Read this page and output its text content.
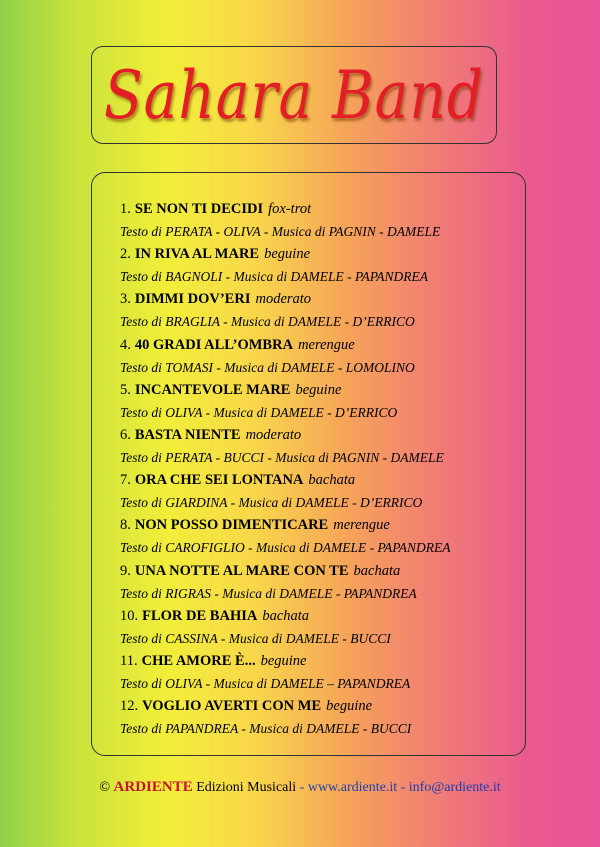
Sahara Band
1. SE NON TI DECIDI fox-trot
Testo di PERATA - OLIVA - Musica di PAGNIN - DAMELE
2. IN RIVA AL MARE beguine
Testo di BAGNOLI - Musica di DAMELE - PAPANDREA
3. DIMMI DOV’ERI moderato
Testo di BRAGLIA - Musica di DAMELE - D’ERRICO
4. 40 GRADI ALL’OMBRA merengue
Testo di TOMASI - Musica di DAMELE - LOMOLINO
5. INCANTEVOLE MARE beguine
Testo di OLIVA - Musica di DAMELE - D’ERRICO
6. BASTA NIENTE moderato
Testo di PERATA - BUCCI - Musica di PAGNIN - DAMELE
7. ORA CHE SEI LONTANA bachata
Testo di GIARDINA - Musica di DAMELE - D’ERRICO
8. NON POSSO DIMENTICARE merengue
Testo di CAROFIGLIO - Musica di DAMELE - PAPANDREA
9. UNA NOTTE AL MARE CON TE bachata
Testo di RIGRAS - Musica di DAMELE - PAPANDREA
10. FLOR DE BAHIA bachata
Testo di CASSINA - Musica di DAMELE - BUCCI
11. CHE AMORE È... beguine
Testo di OLIVA - Musica di DAMELE – PAPANDREA
12. VOGLIO AVERTI CON ME beguine
Testo di PAPANDREA - Musica di DAMELE - BUCCI
© ARDIENTE Edizioni Musicali - www.ardiente.it - info@ardiente.it
